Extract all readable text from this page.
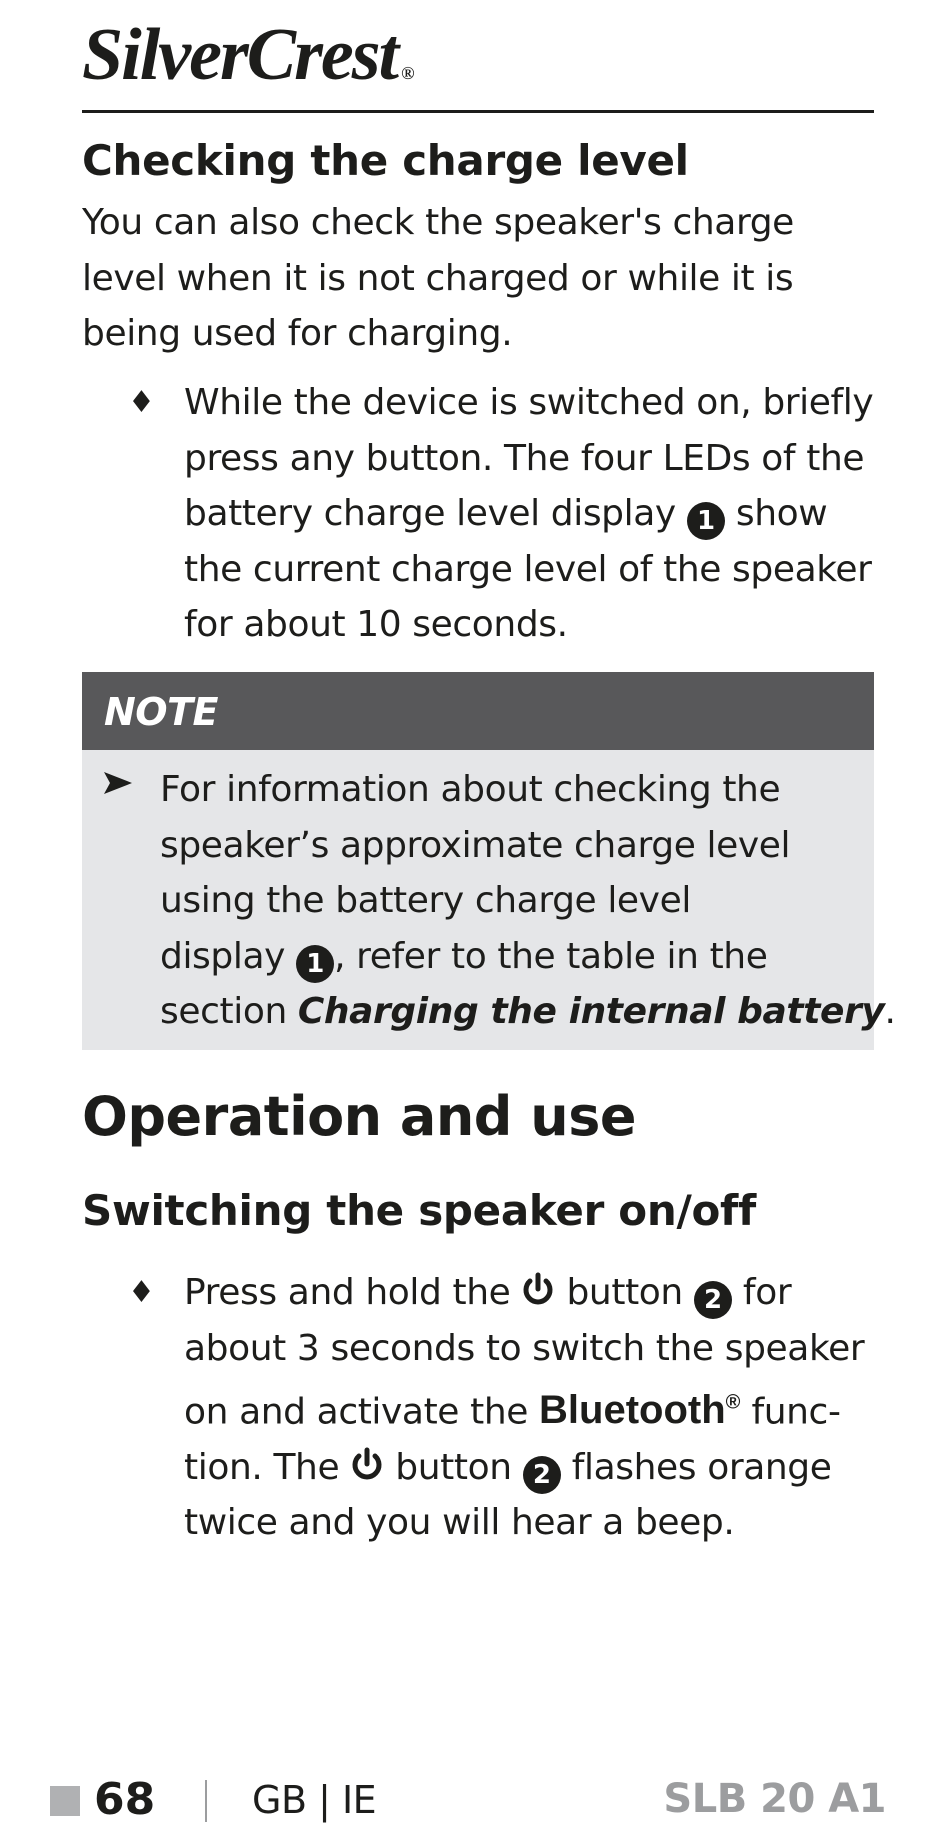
SilverCrest ®
Checking the charge level

You can also check the speaker's charge
level when it is not charged or while it is
being used for charging.

♦ While the device is switched on, briefly
press any button. The four LEDs of the
battery charge level display 1 show
the current charge level of the speaker
for about 10 seconds.
NOTE
For information about checking the
speaker’s approximate charge level
using the battery charge level
display 1 , refer to the table in the
section Charging the internal battery.
Operation and use
Switching the speaker on/off
♦ Press and hold the button 2 for
about 3 seconds to switch the speaker
on and activate the Bluetooth® func-
tion. The button 2 flashes orange
twice and you will hear a beep.
68	GB | IE	SLB 20 A1
